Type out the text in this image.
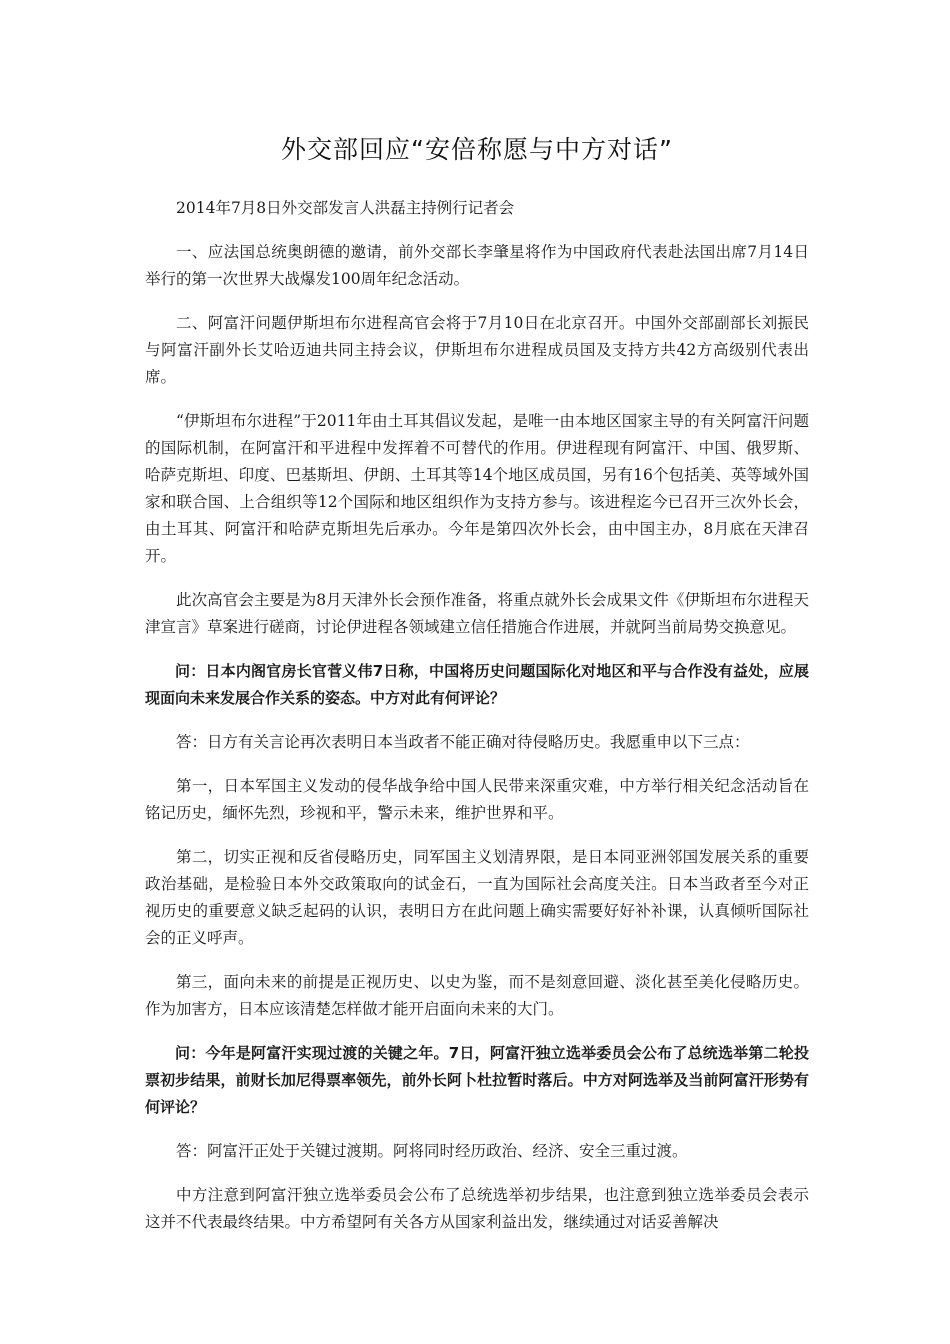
外交部回应“安倍称愿与中方对话”

2014年7月8日外交部发言人洪磊主持例行记者会

一、应法国总统奥朗德的邀请，前外交部长李肇星将作为中国政府代表赴法国出席7月14日举行的第一次世界大战爆发100周年纪念活动。

二、阿富汗问题伊斯坦布尔进程高官会将于7月10日在北京召开。中国外交部副部长刘振民与阿富汗副外长艾哈迈迪共同主持会议，伊斯坦布尔进程成员国及支持方共42方高级别代表出席。

“伊斯坦布尔进程”于2011年由土耳其倡议发起，是唯一由本地区国家主导的有关阿富汗问题的国际机制，在阿富汗和平进程中发挥着不可替代的作用。伊进程现有阿富汗、中国、俄罗斯、哈萨克斯坦、印度、巴基斯坦、伊朗、土耳其等14个地区成员国，另有16个包括美、英等域外国家和联合国、上合组织等12个国际和地区组织作为支持方参与。该进程迄今已召开三次外长会，由土耳其、阿富汗和哈萨克斯坦先后承办。今年是第四次外长会，由中国主办，8月底在天津召开。

此次高官会主要是为8月天津外长会预作准备，将重点就外长会成果文件《伊斯坦布尔进程天津宣言》草案进行磋商，讨论伊进程各领域建立信任措施合作进展，并就阿当前局势交换意见。

问：日本内阁官房长官菅义伟7日称，中国将历史问题国际化对地区和平与合作没有益处，应展现面向未来发展合作关系的姿态。中方对此有何评论？

答：日方有关言论再次表明日本当政者不能正确对待侵略历史。我愿重申以下三点：

第一，日本军国主义发动的侵华战争给中国人民带来深重灾难，中方举行相关纪念活动旨在铭记历史，缅怀先烈，珍视和平，警示未来，维护世界和平。

第二，切实正视和反省侵略历史，同军国主义划清界限，是日本同亚洲邻国发展关系的重要政治基础，是检验日本外交政策取向的试金石，一直为国际社会高度关注。日本当政者至今对正视历史的重要意义缺乏起码的认识，表明日方在此问题上确实需要好好补补课，认真倾听国际社会的正义呼声。

第三，面向未来的前提是正视历史、以史为鉴，而不是刻意回避、淡化甚至美化侵略历史。作为加害方，日本应该清楚怎样做才能开启面向未来的大门。

问：今年是阿富汗实现过渡的关键之年。7日，阿富汗独立选举委员会公布了总统选举第二轮投票初步结果，前财长加尼得票率领先，前外长阿卜杜拉暂时落后。中方对阿选举及当前阿富汗形势有何评论？

答：阿富汗正处于关键过渡期。阿将同时经历政治、经济、安全三重过渡。

中方注意到阿富汗独立选举委员会公布了总统选举初步结果，也注意到独立选举委员会表示这并不代表最终结果。中方希望阿有关各方从国家利益出发，继续通过对话妥善解决
